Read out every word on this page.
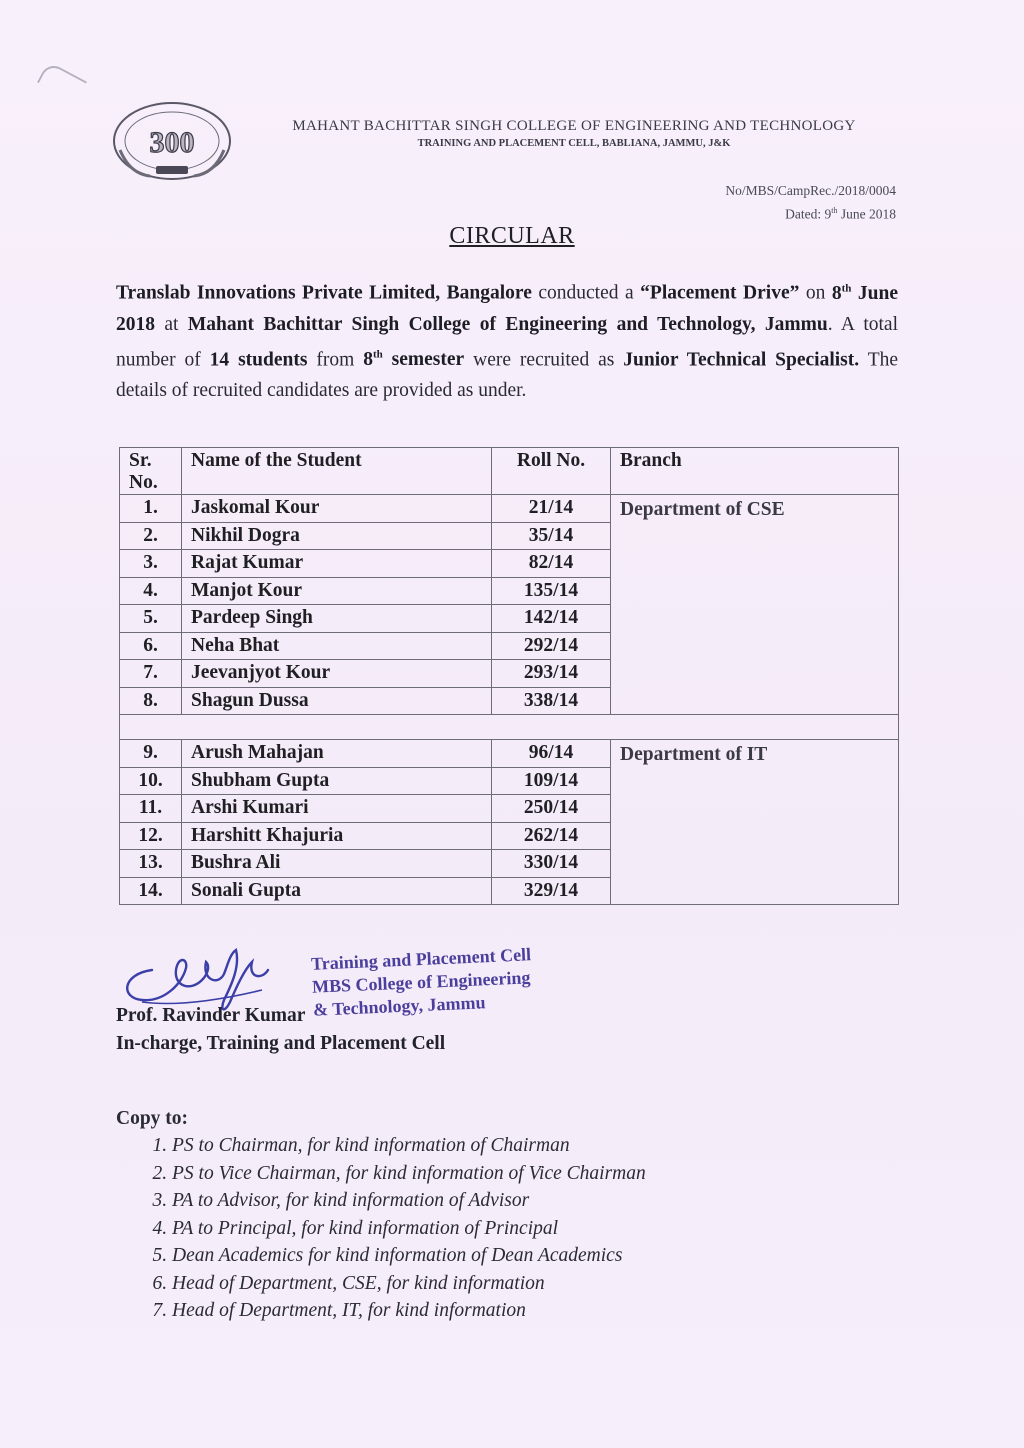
300	MAHANT BACHITTAR SINGH COLLEGE OF ENGINEERING AND TECHNOLOGY
TRAINING AND PLACEMENT CELL, BABLIANA, JAMMU, J&K
No/MBS/CampRec./2018/0004
Dated: 9th June 2018
CIRCULAR
Translab Innovations Private Limited, Bangalore conducted a “Placement Drive” on 8th June 2018 at Mahant Bachittar Singh College of Engineering and Technology, Jammu. A total number of 14 students from 8th semester were recruited as Junior Technical Specialist. The details of recruited candidates are provided as under.
Sr. No.	Name of the Student	Roll No.	Branch
1.	Jaskomal Kour	21/14	Department of CSE
2.	Nikhil Dogra	35/14	
3.	Rajat Kumar	82/14	
4.	Manjot Kour	135/14	
5.	Pardeep Singh	142/14	
6.	Neha Bhat	292/14	
7.	Jeevanjyot Kour	293/14	
8.	Shagun Dussa	338/14	

9.	Arush Mahajan	96/14	Department of IT
10.	Shubham Gupta	109/14	
11.	Arshi Kumari	250/14	
12.	Harshitt Khajuria	262/14	
13.	Bushra Ali	330/14	
14.	Sonali Gupta	329/14	
Training and Placement Cell
MBS College of Engineering
& Technology, Jammu
Prof. Ravinder Kumar
In-charge, Training and Placement Cell
Copy to:
1. PS to Chairman, for kind information of Chairman
2. PS to Vice Chairman, for kind information of Vice Chairman
3. PA to Advisor, for kind information of Advisor
4. PA to Principal, for kind information of Principal
5. Dean Academics for kind information of Dean Academics
6. Head of Department, CSE, for kind information
7. Head of Department, IT, for kind information
